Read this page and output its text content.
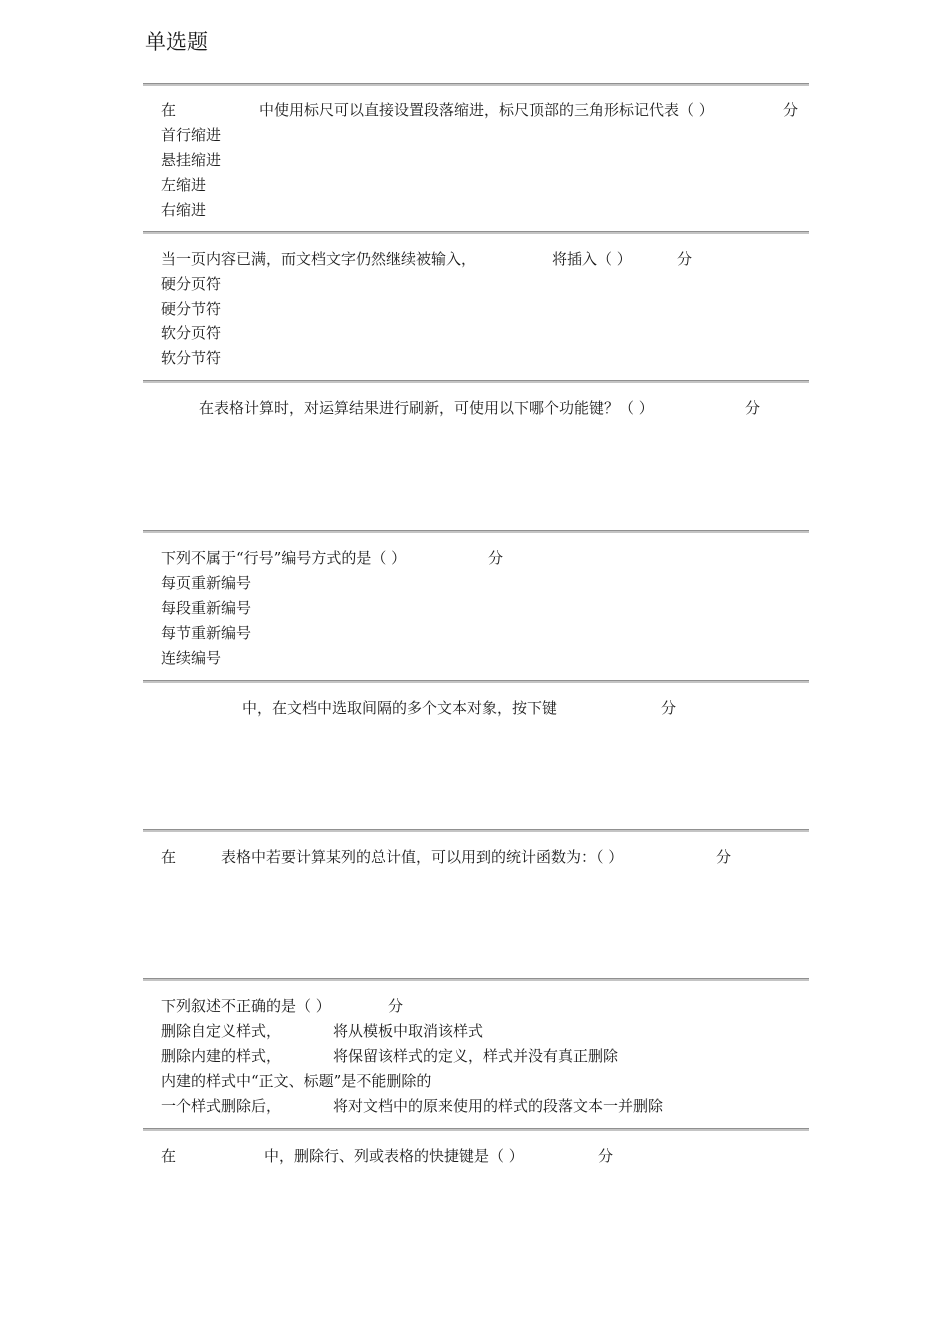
单选题
在	中使用标尺可以直接设置段落缩进，标尺顶部的三角形标记代表（ ）	分
首行缩进
悬挂缩进
左缩进
右缩进
当一页内容已满，而文档文字仍然继续被输入，	将插入（ ）	分
硬分页符
硬分节符
软分页符
软分节符
在表格计算时，对运算结果进行刷新，可使用以下哪个功能键？（ ）	分
下列不属于“行号”编号方式的是（ ）	分
每页重新编号
每段重新编号
每节重新编号
连续编号
中，在文档中选取间隔的多个文本对象，按下键	分
在	表格中若要计算某列的总计值，可以用到的统计函数为：（ ）	分
下列叙述不正确的是（ ）	分
删除自定义样式，	将从模板中取消该样式
删除内建的样式，	将保留该样式的定义，样式并没有真正删除
内建的样式中“正文、标题”是不能删除的
一个样式删除后，	将对文档中的原来使用的样式的段落文本一并删除
在	中，删除行、列或表格的快捷键是（ ）	分
